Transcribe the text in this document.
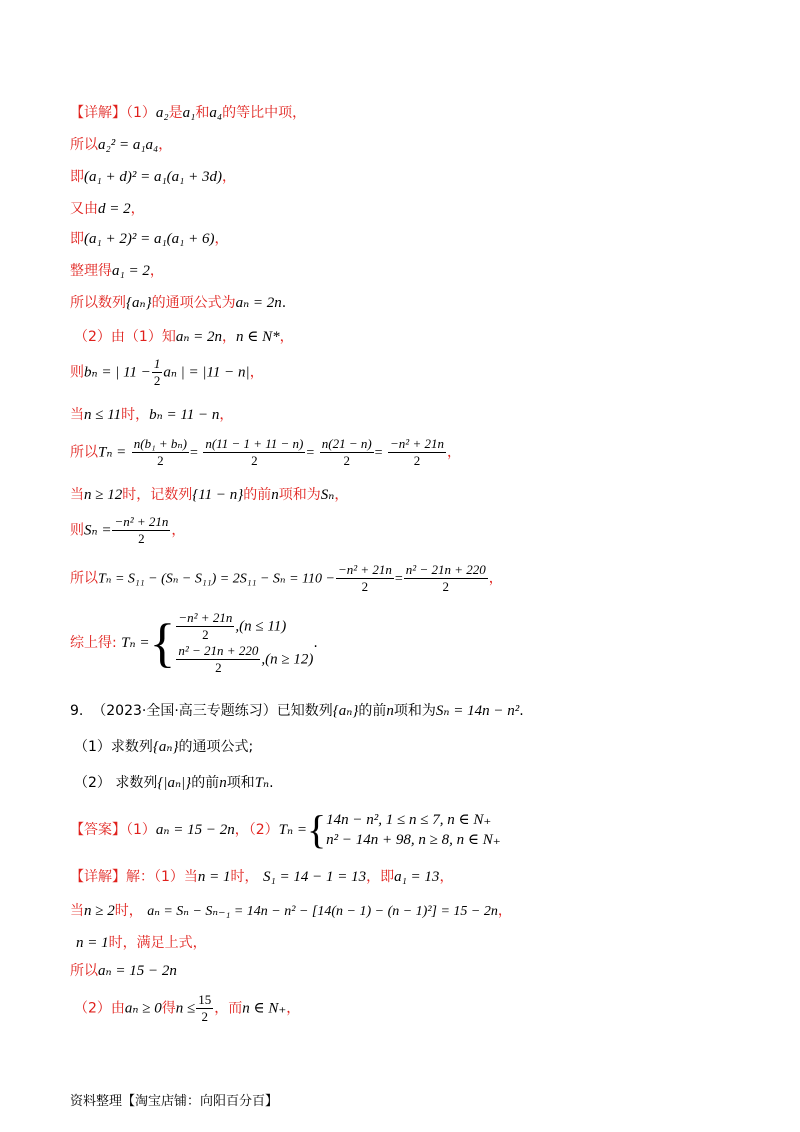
【详解】（1）a₂是a₁和a₄的等比中项，
所以a₂² = a₁a₄，
即(a₁ + d)² = a₁(a₁ + 3d)，
又由d = 2，
即(a₁ + 2)² = a₁(a₁ + 6)，
整理得a₁ = 2，
所以数列{aₙ}的通项公式为aₙ = 2n.
（2）由（1）知aₙ = 2n，n ∈ N*，
则bₙ = | $11 - \frac{1}{2}$ aₙ | = |11 − n|，
当n ≤ 11时，bₙ = 11 − n，
所以$T_n = \frac{\text{n(b₁ + bₙ)}}{2} = \frac{n(11 - 1 + 11 - n)}{2} = \frac{n(21 - n)}{2} = \frac{\text{−n² + 21n}}{2}$ ，
当n ≥ 12时，记数列{11 − n}的前n项和为Sₙ，
则$S_n = \frac{\text{−n² + 21n}}{2}$ ，
所以$T_n = S_{11} - (S_n - S_{11}) = 2S_{11} - S_n = 110 - \frac{\text{−n² + 21n}}{2} = \frac{\text{n² − 21n + 220}}{2}$ ，
综上得: Tₙ ={ $\frac{\text{−n² + 21n}}{2} ,(n \le 11)$
$\frac{\text{n² − 21n + 220}}{2} ,(n \ge 12)$
.
9. （2023·全国·高三专题练习）已知数列{aₙ}的前n项和为Sₙ = 14n − n².
（1）求数列{aₙ}的通项公式;
（2） 求数列{|aₙ|}的前n项和Tₙ.
【答案】（1）aₙ = 15 − 2n，（2）Tₙ ={ 14n − n², 1 ≤ n ≤ 7, n ∈ N₊
n² − 14n + 98, n ≥ 8, n ∈ N₊
【详解】解：（1）当n = 1时， S₁ = 14 − 1 = 13，即a₁ = 13，
当n ≥ 2时， aₙ = Sₙ − Sₙ₋₁ = 14n − n² − [14(n − 1) − (n − 1)²] = 15 − 2n，
n = 1时，满足上式，
所以aₙ = 15 − 2n
（2）由aₙ ≥ 0得$n \le \frac{15}{2}$ ，而n ∈ N₊，
资料整理【淘宝店铺：向阳百分百】
